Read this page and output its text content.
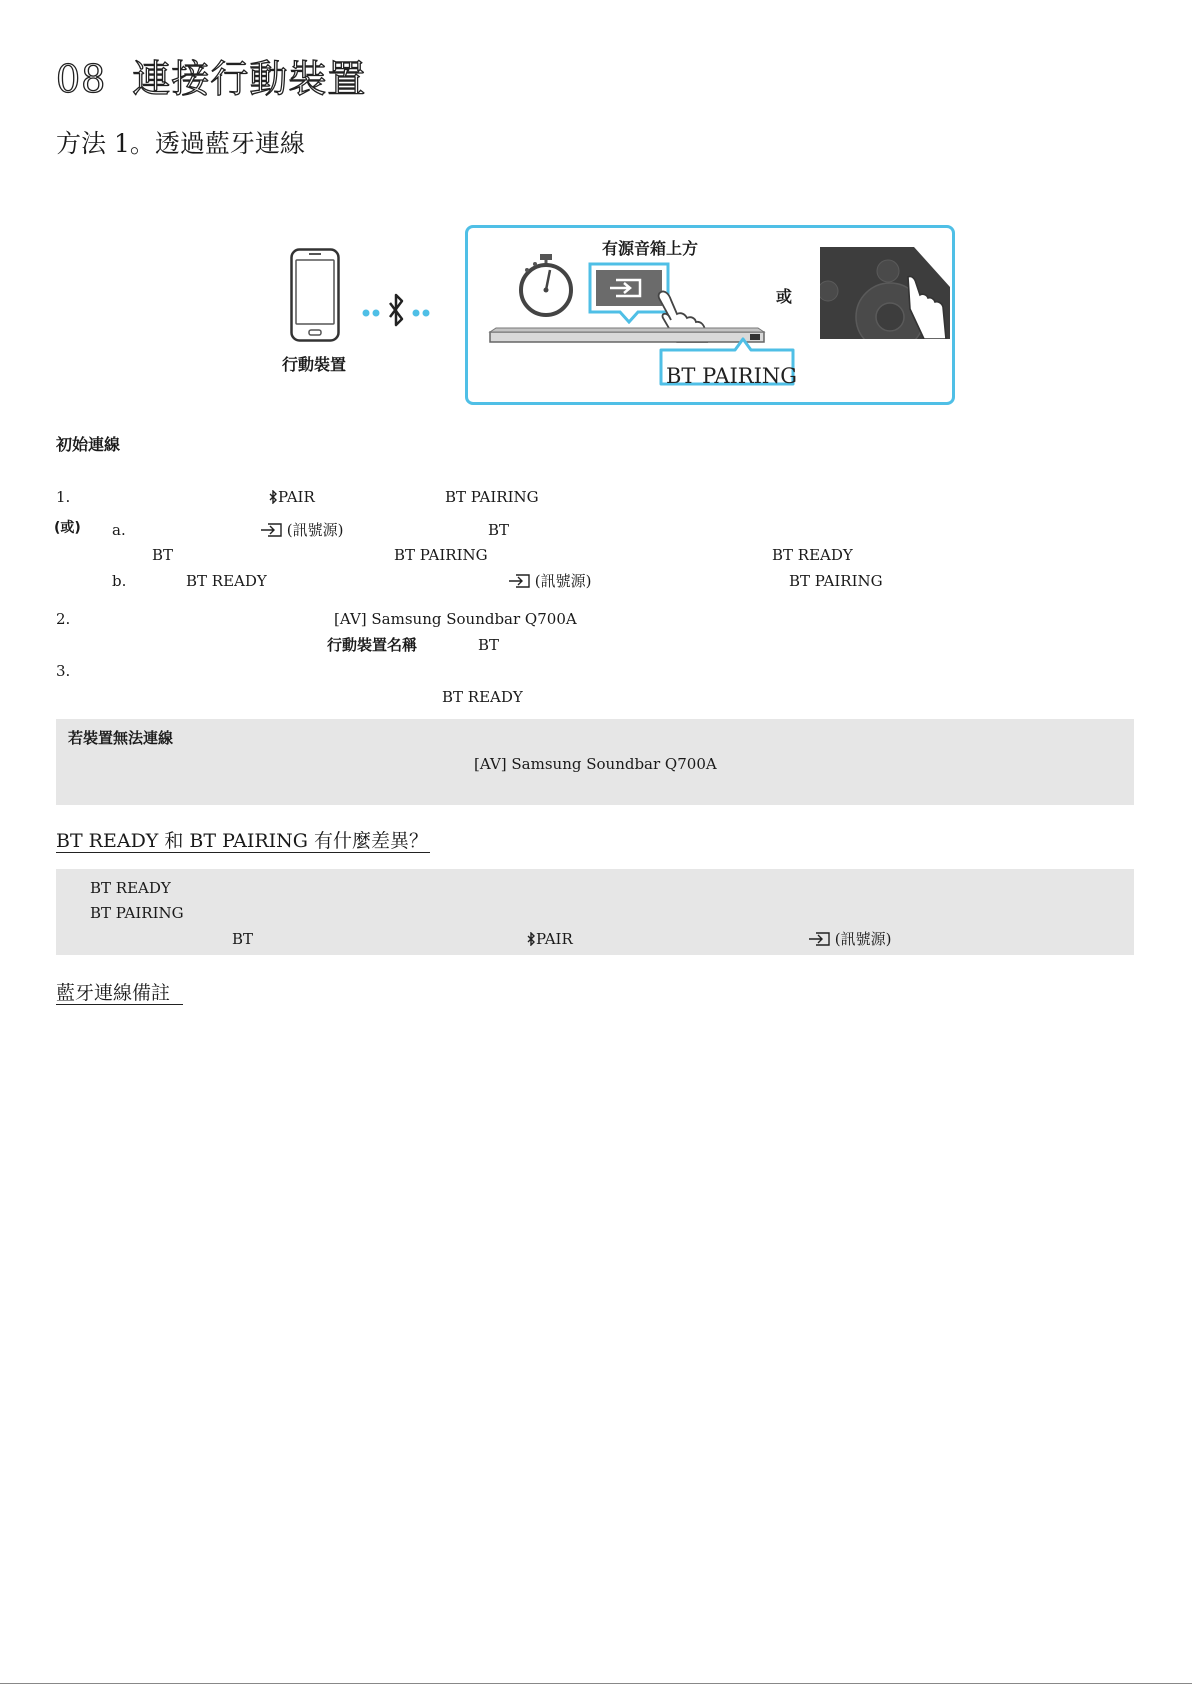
08 連接行動裝置
方法 1。透過藍牙連線
行動裝置
有源音箱上方
BT PAIRING
或
初始連線
1.	PAIR	BT PAIRING
(或) a.	(訊號源)	BT
BT	BT PAIRING	BT READY
b.	BT READY	(訊號源)	BT PAIRING
2.	[AV] Samsung Soundbar Q700A
行動裝置名稱	BT
3.
BT READY
若裝置無法連線
[AV] Samsung Soundbar Q700A
BT READY 和 BT PAIRING 有什麼差異？
BT READY
BT PAIRING
BT	PAIR	(訊號源)
藍牙連線備註
